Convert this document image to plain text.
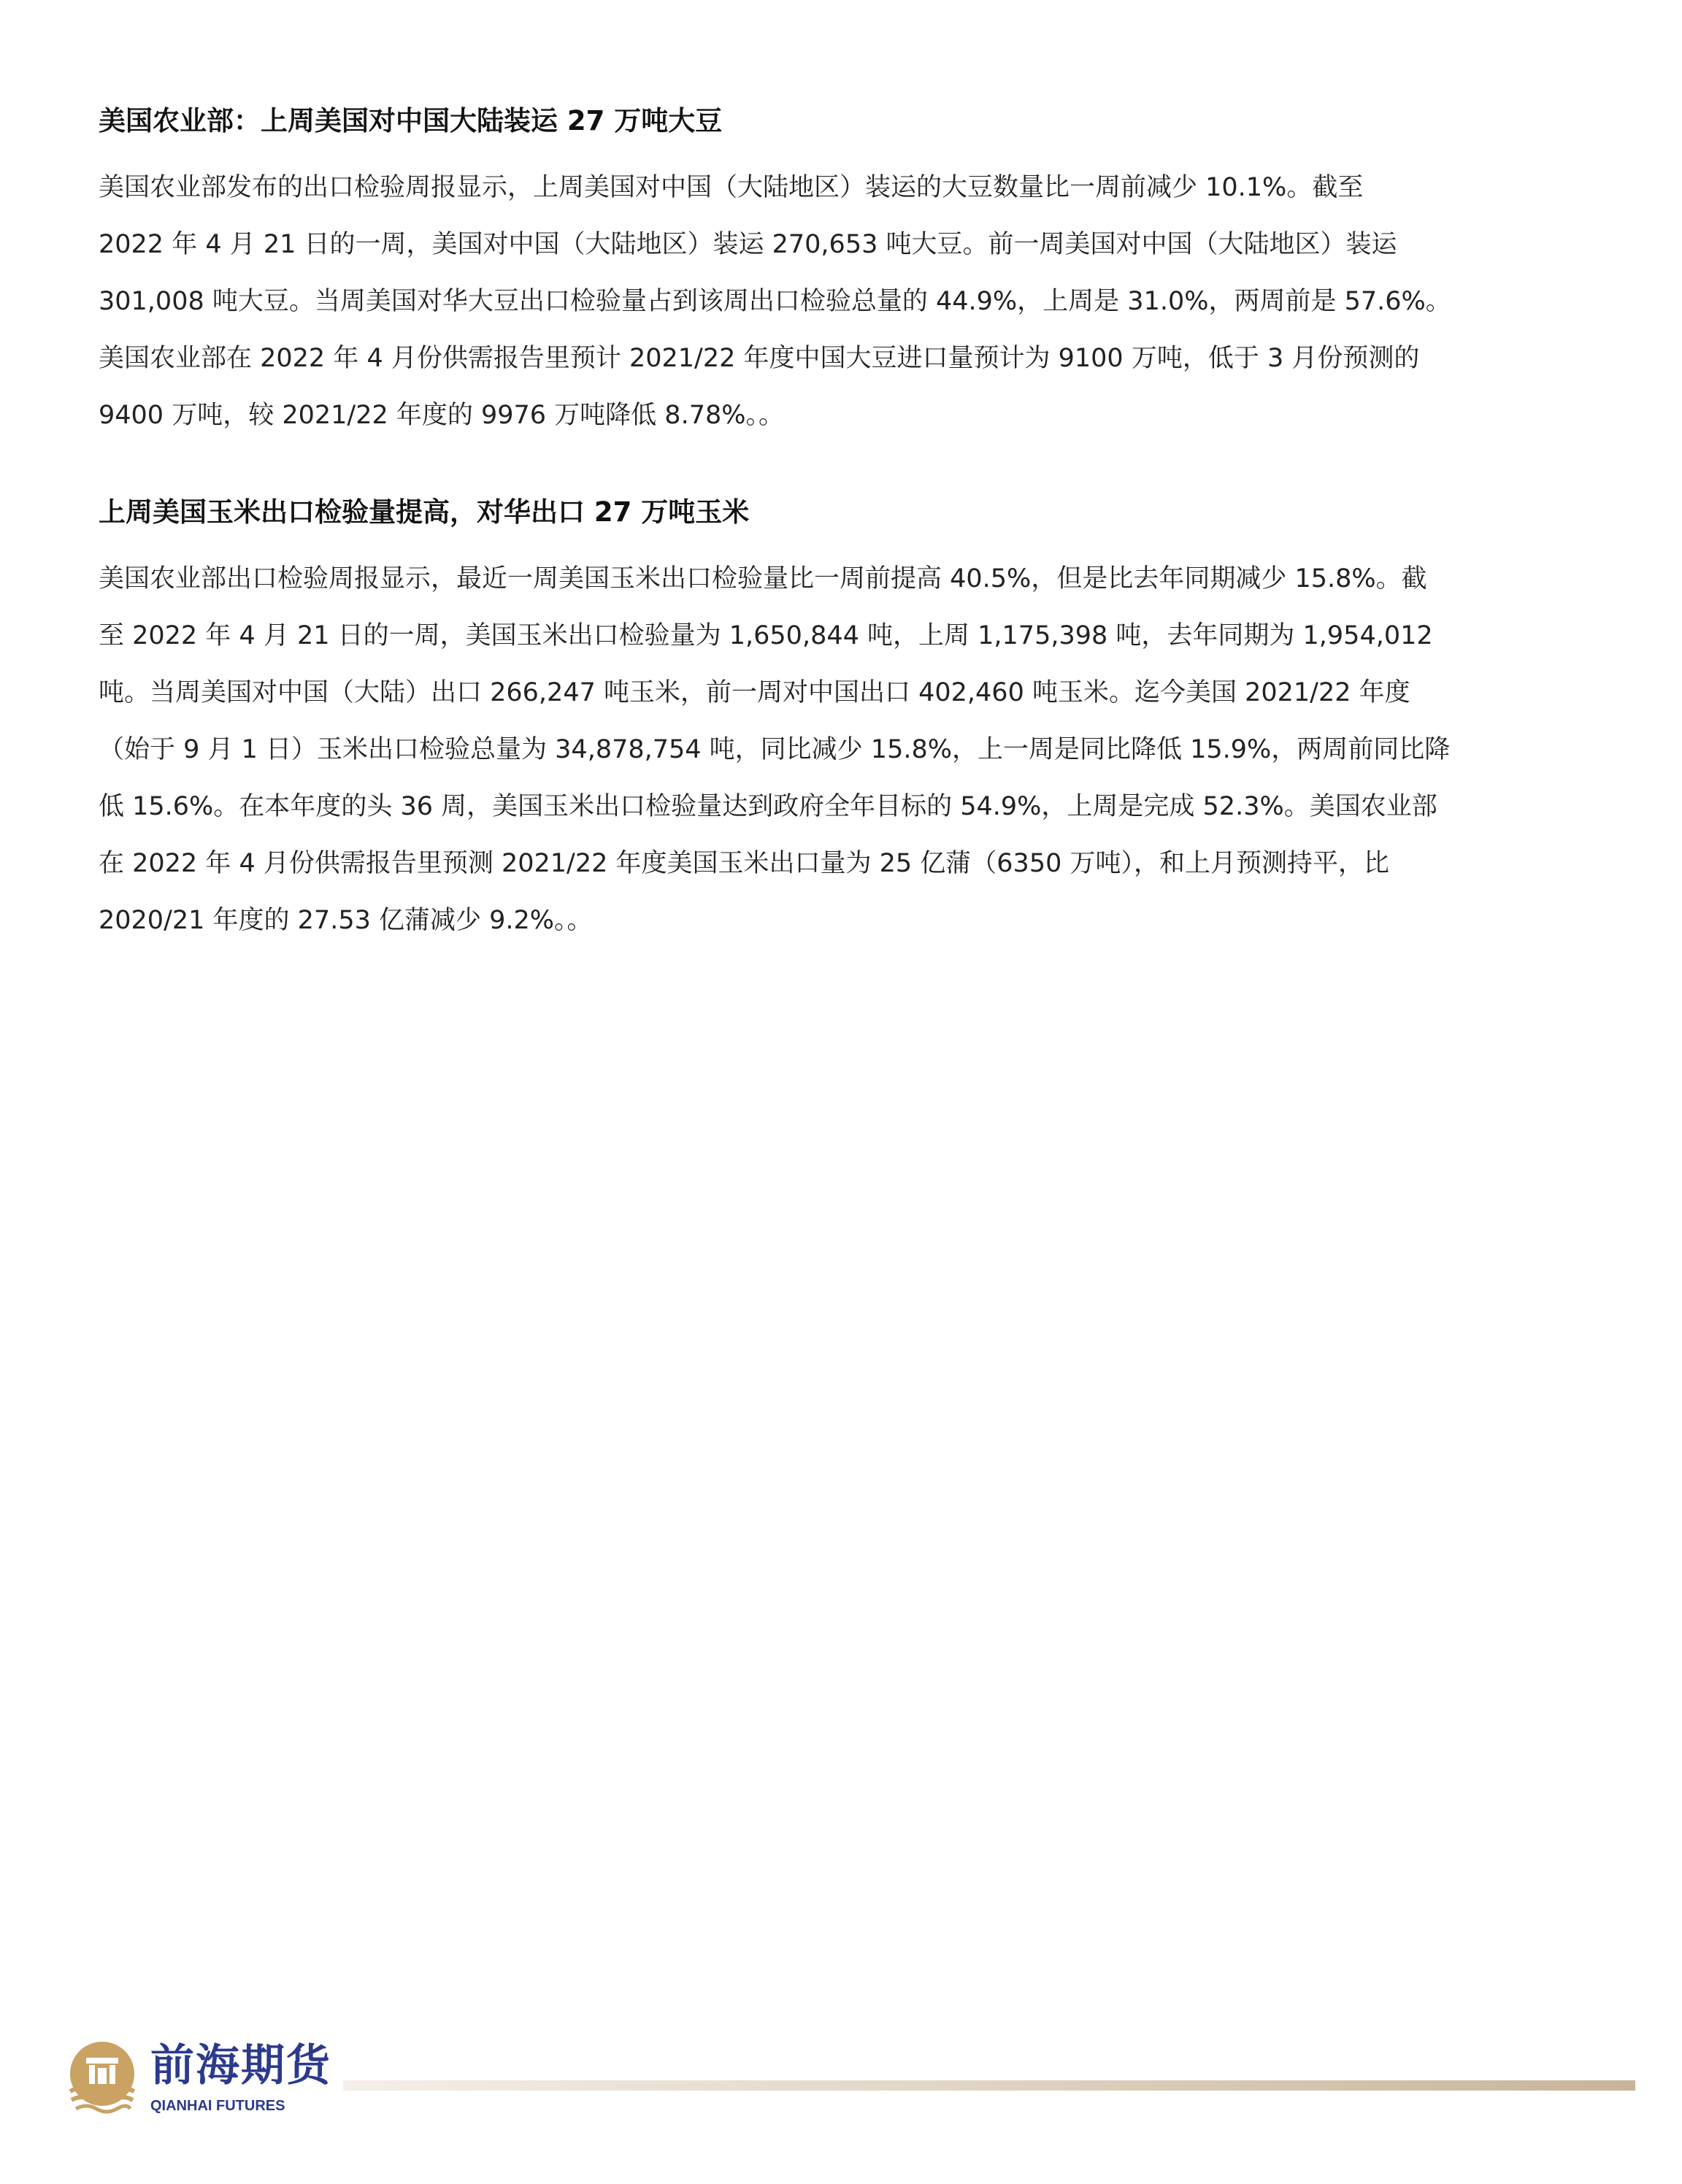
美国农业部：上周美国对中国大陆装运 27 万吨大豆
美国农业部发布的出口检验周报显示，上周美国对中国（大陆地区）装运的大豆数量比一周前减少 10.1%。截至
2022 年 4 月 21 日的一周，美国对中国（大陆地区）装运 270,653 吨大豆。前一周美国对中国（大陆地区）装运
301,008 吨大豆。当周美国对华大豆出口检验量占到该周出口检验总量的 44.9%，上周是 31.0%，两周前是 57.6%。
美国农业部在 2022 年 4 月份供需报告里预计 2021/22 年度中国大豆进口量预计为 9100 万吨，低于 3 月份预测的
9400 万吨，较 2021/22 年度的 9976 万吨降低 8.78%。。
上周美国玉米出口检验量提高，对华出口 27 万吨玉米
美国农业部出口检验周报显示，最近一周美国玉米出口检验量比一周前提高 40.5%，但是比去年同期减少 15.8%。截
至 2022 年 4 月 21 日的一周，美国玉米出口检验量为 1,650,844 吨，上周 1,175,398 吨，去年同期为 1,954,012
吨。当周美国对中国（大陆）出口 266,247 吨玉米，前一周对中国出口 402,460 吨玉米。迄今美国 2021/22 年度
（始于 9 月 1 日）玉米出口检验总量为 34,878,754 吨，同比减少 15.8%，上一周是同比降低 15.9%，两周前同比降
低 15.6%。在本年度的头 36 周，美国玉米出口检验量达到政府全年目标的 54.9%，上周是完成 52.3%。美国农业部
在 2022 年 4 月份供需报告里预测 2021/22 年度美国玉米出口量为 25 亿蒲（6350 万吨），和上月预测持平，比
2020/21 年度的 27.53 亿蒲减少 9.2%。。
前海期货
QIANHAI FUTURES
